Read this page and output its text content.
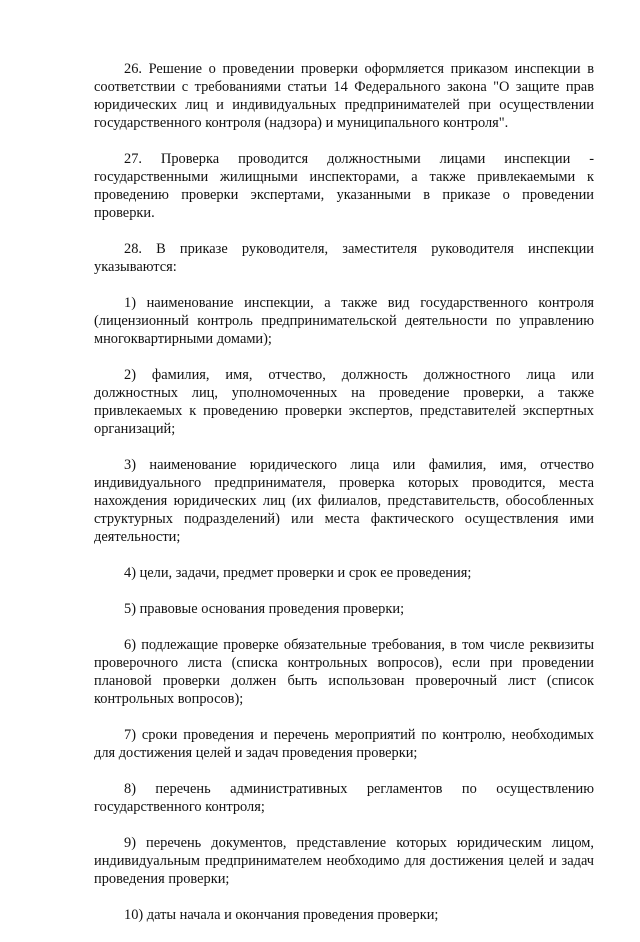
26. Решение о проведении проверки оформляется приказом инспекции в соответствии с требованиями статьи 14 Федерального закона "О защите прав юридических лиц и индивидуальных предпринимателей при осуществлении государственного контроля (надзора) и муниципального контроля".

27. Проверка проводится должностными лицами инспекции - государственными жилищными инспекторами, а также привлекаемыми к проведению проверки экспертами, указанными в приказе о проведении проверки.

28. В приказе руководителя, заместителя руководителя инспекции указываются:

1) наименование инспекции, а также вид государственного контроля (лицензионный контроль предпринимательской деятельности по управлению многоквартирными домами);

2) фамилия, имя, отчество, должность должностного лица или должностных лиц, уполномоченных на проведение проверки, а также привлекаемых к проведению проверки экспертов, представителей экспертных организаций;

3) наименование юридического лица или фамилия, имя, отчество индивидуального предпринимателя, проверка которых проводится, места нахождения юридических лиц (их филиалов, представительств, обособленных структурных подразделений) или места фактического осуществления ими деятельности;

4) цели, задачи, предмет проверки и срок ее проведения;

5) правовые основания проведения проверки;

6) подлежащие проверке обязательные требования, в том числе реквизиты проверочного листа (списка контрольных вопросов), если при проведении плановой проверки должен быть использован проверочный лист (список контрольных вопросов);

7) сроки проведения и перечень мероприятий по контролю, необходимых для достижения целей и задач проведения проверки;

8) перечень административных регламентов по осуществлению государственного контроля;

9) перечень документов, представление которых юридическим лицом, индивидуальным предпринимателем необходимо для достижения целей и задач проведения проверки;

10) даты начала и окончания проведения проверки;
